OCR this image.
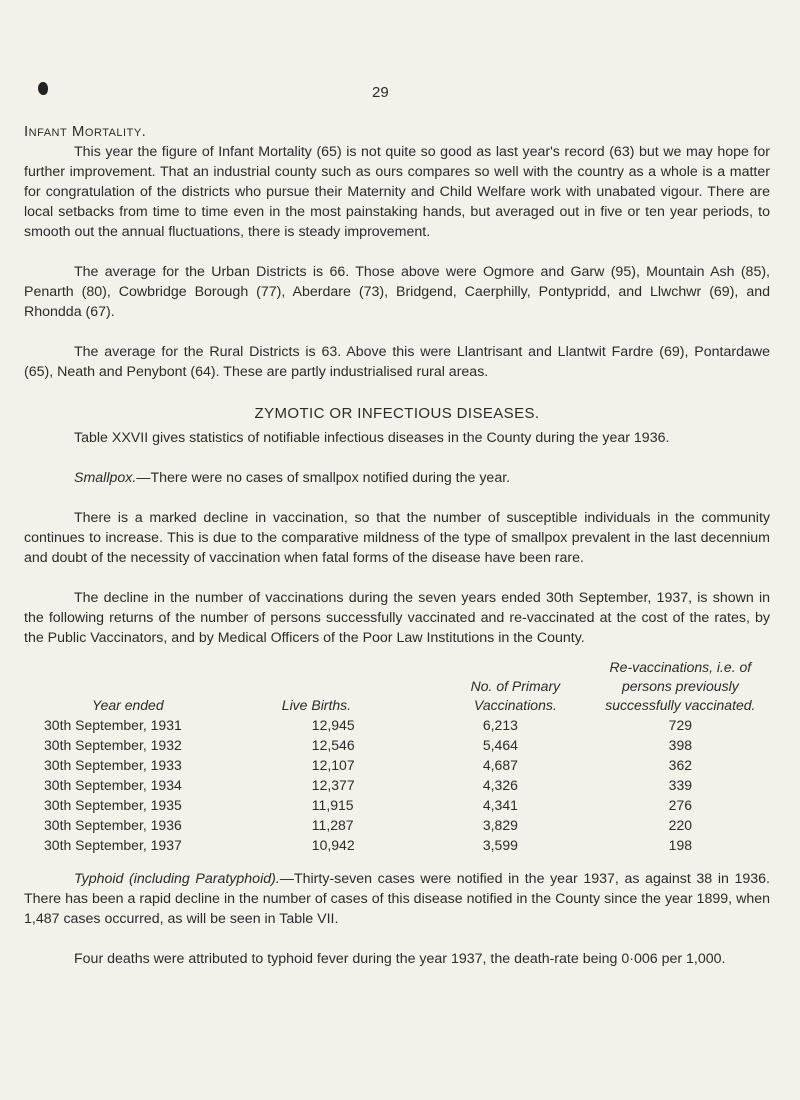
29
Infant Mortality.

This year the figure of Infant Mortality (65) is not quite so good as last year's record (63) but we may hope for further improvement. That an industrial county such as ours compares so well with the country as a whole is a matter for congratulation of the districts who pursue their Maternity and Child Welfare work with unabated vigour. There are local setbacks from time to time even in the most painstaking hands, but averaged out in five or ten year periods, to smooth out the annual fluctuations, there is steady improvement.

The average for the Urban Districts is 66. Those above were Ogmore and Garw (95), Mountain Ash (85), Penarth (80), Cowbridge Borough (77), Aberdare (73), Bridgend, Caerphilly, Pontypridd, and Llwchwr (69), and Rhondda (67).

The average for the Rural Districts is 63. Above this were Llantrisant and Llantwit Fardre (69), Pontardawe (65), Neath and Penybont (64). These are partly industrialised rural areas.

ZYMOTIC OR INFECTIOUS DISEASES.

Table XXVII gives statistics of notifiable infectious diseases in the County during the year 1936.

Smallpox.—There were no cases of smallpox notified during the year.

There is a marked decline in vaccination, so that the number of susceptible individuals in the community continues to increase. This is due to the comparative mildness of the type of smallpox prevalent in the last decennium and doubt of the necessity of vaccination when fatal forms of the disease have been rare.

The decline in the number of vaccinations during the seven years ended 30th September, 1937, is shown in the following returns of the number of persons successfully vaccinated and re-vaccinated at the cost of the rates, by the Public Vaccinators, and by Medical Officers of the Poor Law Institutions in the County.

Year ended	Live Births.	No. of Primary Vaccinations.	Re-vaccinations, i.e. of persons previously successfully vaccinated.
30th September, 1931	12,945	6,213	729
30th September, 1932	12,546	5,464	398
30th September, 1933	12,107	4,687	362
30th September, 1934	12,377	4,326	339
30th September, 1935	11,915	4,341	276
30th September, 1936	11,287	3,829	220
30th September, 1937	10,942	3,599	198

Typhoid (including Paratyphoid).—Thirty-seven cases were notified in the year 1937, as against 38 in 1936. There has been a rapid decline in the number of cases of this disease notified in the County since the year 1899, when 1,487 cases occurred, as will be seen in Table VII.

Four deaths were attributed to typhoid fever during the year 1937, the death-rate being 0·006 per 1,000.
